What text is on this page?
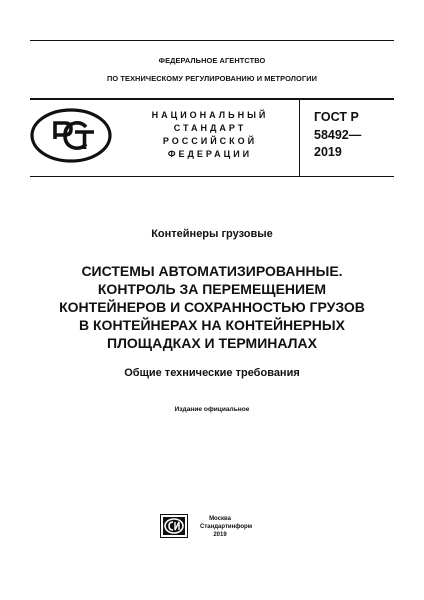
ФЕДЕРАЛЬНОЕ АГЕНТСТВО
ПО ТЕХНИЧЕСКОМУ РЕГУЛИРОВАНИЮ И МЕТРОЛОГИИ
НАЦИОНАЛЬНЫЙ
СТАНДАРТ
РОССИЙСКОЙ
ФЕДЕРАЦИИ
ГОСТ Р
58492—
2019
Контейнеры грузовые
СИСТЕМЫ АВТОМАТИЗИРОВАННЫЕ.
КОНТРОЛЬ ЗА ПЕРЕМЕЩЕНИЕМ
КОНТЕЙНЕРОВ И СОХРАННОСТЬЮ ГРУЗОВ
В КОНТЕЙНЕРАХ НА КОНТЕЙНЕРНЫХ
ПЛОЩАДКАХ И ТЕРМИНАЛАХ
Общие технические требования
Издание официальное
Москва
Стандартинформ
2019
